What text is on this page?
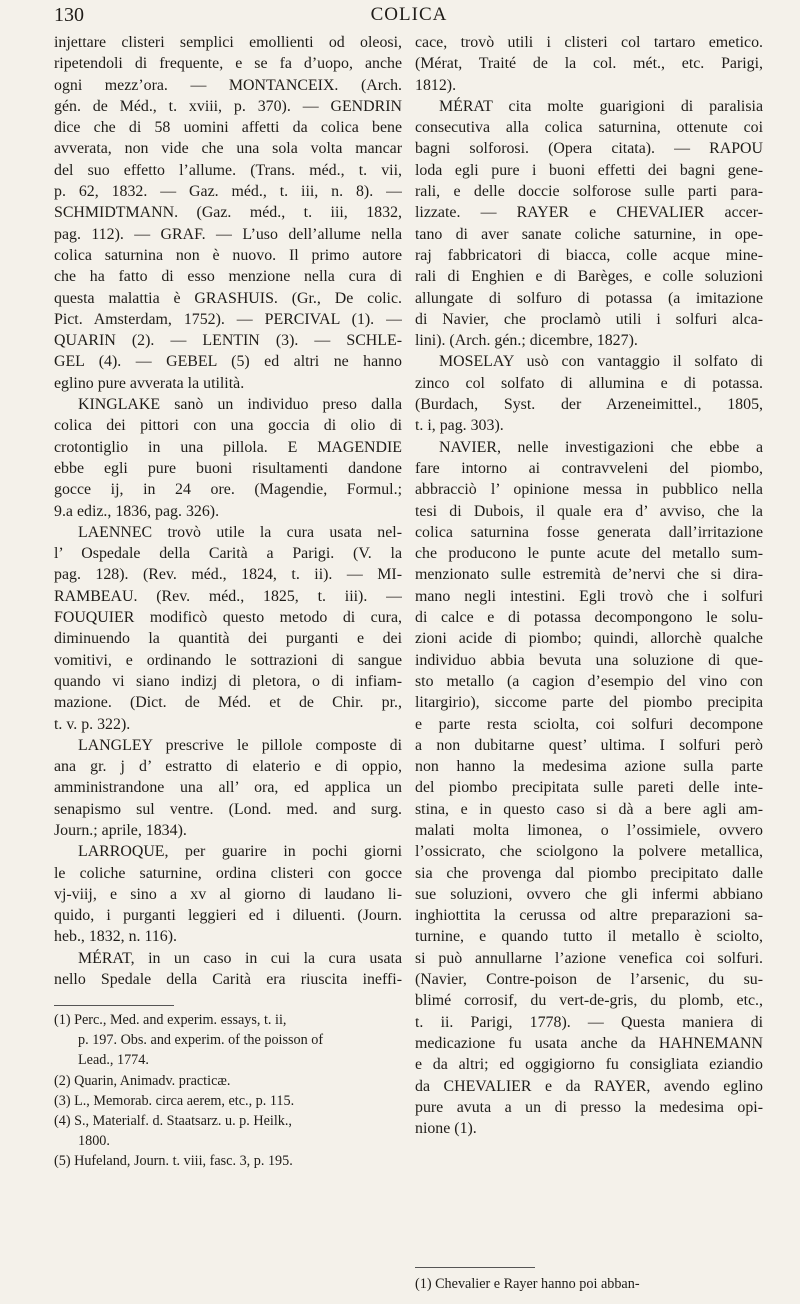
130	COLICA
injettare clisteri semplici emollienti od oleosi,
ripetendoli di frequente, e se fa d’uopo, anche
ogni mezz’ora. — MONTANCEIX. (Arch.
gén. de Méd., t. xviii, p. 370). — GENDRIN
dice che di 58 uomini affetti da colica bene
avverata, non vide che una sola volta mancar
del suo effetto l’allume. (Trans. méd., t. vii,
p. 62, 1832. — Gaz. méd., t. iii, n. 8). —
SCHMIDTMANN. (Gaz. méd., t. iii, 1832,
pag. 112). — GRAF. — L’uso dell’allume nella
colica saturnina non è nuovo. Il primo autore
che ha fatto di esso menzione nella cura di
questa malattia è GRASHUIS. (Gr., De colic.
Pict. Amsterdam, 1752). — PERCIVAL (1). —
QUARIN (2). — LENTIN (3). — SCHLE-
GEL (4). — GEBEL (5) ed altri ne hanno
eglino pure avverata la utilità.
KINGLAKE sanò un individuo preso dalla
colica dei pittori con una goccia di olio di
crotontiglio in una pillola. E MAGENDIE
ebbe egli pure buoni risultamenti dandone
gocce ij, in 24 ore. (Magendie, Formul.;
9.a ediz., 1836, pag. 326).
LAENNEC trovò utile la cura usata nel-
l’ Ospedale della Carità a Parigi. (V. la
pag. 128). (Rev. méd., 1824, t. ii). — MI-
RAMBEAU. (Rev. méd., 1825, t. iii). —
FOUQUIER modificò questo metodo di cura,
diminuendo la quantità dei purganti e dei
vomitivi, e ordinando le sottrazioni di sangue
quando vi siano indizj di pletora, o di infiam-
mazione. (Dict. de Méd. et de Chir. pr.,
t. v. p. 322).
LANGLEY prescrive le pillole composte di
ana gr. j d’ estratto di elaterio e di oppio,
amministrandone una all’ ora, ed applica un
senapismo sul ventre. (Lond. med. and surg.
Journ.; aprile, 1834).
LARROQUE, per guarire in pochi giorni
le coliche saturnine, ordina clisteri con gocce
vj-viij, e sino a xv al giorno di laudano li-
quido, i purganti leggieri ed i diluenti. (Journ.
heb., 1832, n. 116).
MÉRAT, in un caso in cui la cura usata
nello Spedale della Carità era riuscita ineffi-
cace, trovò utili i clisteri col tartaro emetico.
(Mérat, Traité de la col. mét., etc. Parigi,
1812).
MÉRAT cita molte guarigioni di paralisia
consecutiva alla colica saturnina, ottenute coi
bagni solforosi. (Opera citata). — RAPOU
loda egli pure i buoni effetti dei bagni gene-
rali, e delle doccie solforose sulle parti para-
lizzate. — RAYER e CHEVALIER accer-
tano di aver sanate coliche saturnine, in ope-
raj fabbricatori di biacca, colle acque mine-
rali di Enghien e di Barèges, e colle soluzioni
allungate di solfuro di potassa (a imitazione
di Navier, che proclamò utili i solfuri alca-
lini). (Arch. gén.; dicembre, 1827).
MOSELAY usò con vantaggio il solfato di
zinco col solfato di allumina e di potassa.
(Burdach, Syst. der Arzeneimittel., 1805,
t. i, pag. 303).
NAVIER, nelle investigazioni che ebbe a
fare intorno ai contravveleni del piombo,
abbracciò l’ opinione messa in pubblico nella
tesi di Dubois, il quale era d’ avviso, che la
colica saturnina fosse generata dall’irritazione
che producono le punte acute del metallo sum-
menzionato sulle estremità de’nervi che si dira-
mano negli intestini. Egli trovò che i solfuri
di calce e di potassa decompongono le solu-
zioni acide di piombo; quindi, allorchè qualche
individuo abbia bevuta una soluzione di que-
sto metallo (a cagion d’esempio del vino con
litargirio), siccome parte del piombo precipita
e parte resta sciolta, coi solfuri decompone
a non dubitarne quest’ ultima. I solfuri però
non hanno la medesima azione sulla parte
del piombo precipitata sulle pareti delle inte-
stina, e in questo caso si dà a bere agli am-
malati molta limonea, o l’ossimiele, ovvero
l’ossicrato, che sciolgono la polvere metallica,
sia che provenga dal piombo precipitato dalle
sue soluzioni, ovvero che gli infermi abbiano
inghiottita la cerussa od altre preparazioni sa-
turnine, e quando tutto il metallo è sciolto,
si può annullarne l’azione venefica coi solfuri.
(Navier, Contre-poison de l’arsenic, du su-
blimé corrosif, du vert-de-gris, du plomb, etc.,
t. ii. Parigi, 1778). — Questa maniera di
medicazione fu usata anche da HAHNEMANN
e da altri; ed oggigiorno fu consigliata eziandio
da CHEVALIER e da RAYER, avendo eglino
pure avuta a un di presso la medesima opi-
nione (1).
(1) Perc., Med. and experim. essays, t. ii,
p. 197. Obs. and experim. of the poisson of
Lead., 1774.
(2) Quarin, Animadv. practicæ.
(3) L., Memorab. circa aerem, etc., p. 115.
(4) S., Materialf. d. Staatsarz. u. p. Heilk.,
1800.
(5) Hufeland, Journ. t. viii, fasc. 3, p. 195.
(1) Chevalier e Rayer hanno poi abban-
